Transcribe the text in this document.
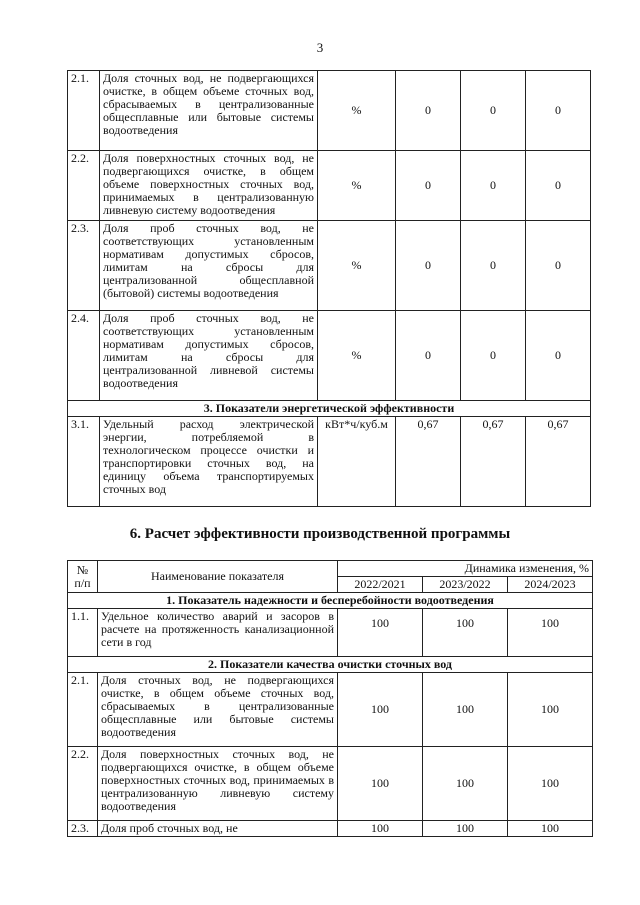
3
2.1.	Доля сточных вод, не подвергающихся очистке, в общем объеме сточных вод, сбрасываемых в централизованные общесплавные или бытовые системы водоотведения	%	0	0	0
2.2.	Доля поверхностных сточных вод, не подвергающихся очистке, в общем объеме поверхностных сточных вод, принимаемых в централизованную ливневую систему водоотведения	%	0	0	0
2.3.	Доля проб сточных вод, не соответствующих установленным нормативам допустимых сбросов, лимитам на сбросы для централизованной общесплавной (бытовой) системы водоотведения	%	0	0	0
2.4.	Доля проб сточных вод, не соответствующих установленным нормативам допустимых сбросов, лимитам на сбросы для централизованной ливневой системы водоотведения	%	0	0	0
3. Показатели энергетической эффективности					
3.1.	Удельный расход электрической энергии, потребляемой в технологическом процессе очистки и транспортировки сточных вод, на единицу объема транспортируемых сточных вод	кВт*ч/куб.м	0,67	0,67	0,67
6. Расчет эффективности производственной программы
№ п/п	Наименование показателя	Динамика изменения, %		
		2022/2021	2023/2022	2024/2023
1. Показатель надежности и бесперебойности водоотведения				
1.1.	Удельное количество аварий и засоров в расчете на протяженность канализационной сети в год	100	100	100
2. Показатели качества очистки сточных вод				
2.1.	Доля сточных вод, не подвергающихся очистке, в общем объеме сточных вод, сбрасываемых в централизованные общесплавные или бытовые системы водоотведения	100	100	100
2.2.	Доля поверхностных сточных вод, не подвергающихся очистке, в общем объеме поверхностных сточных вод, принимаемых в централизованную ливневую систему водоотведения	100	100	100
2.3.	Доля проб сточных вод, не	100	100	100
